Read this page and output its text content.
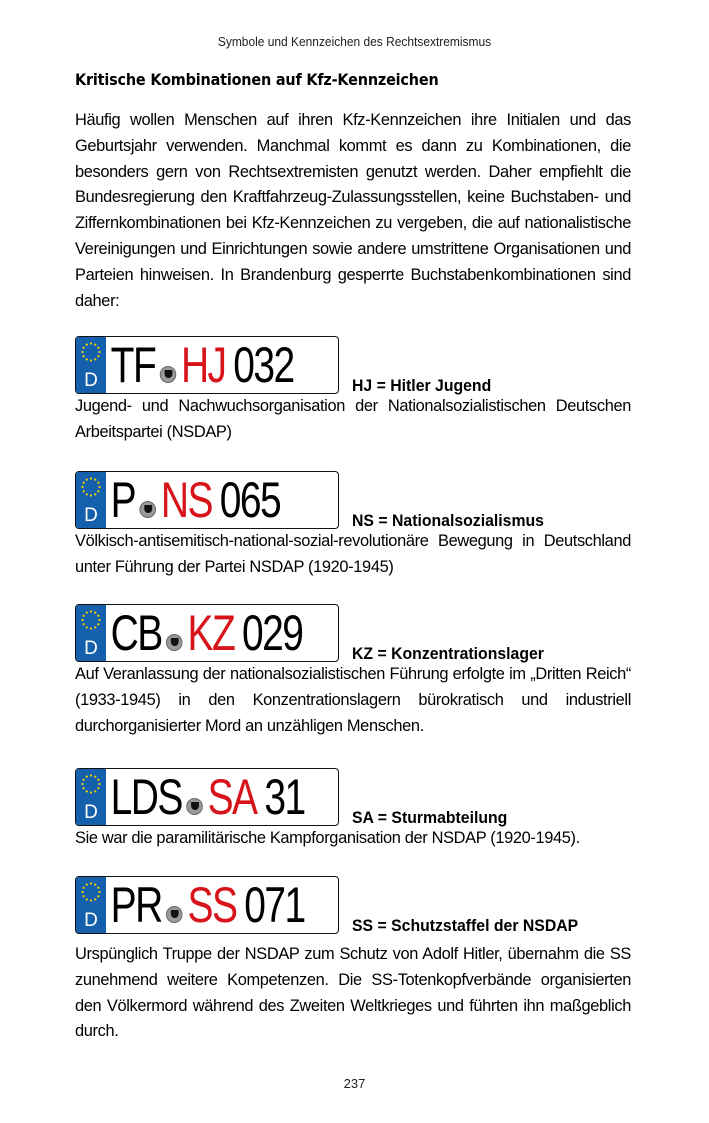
Symbole und Kennzeichen des Rechtsextremismus
Kritische Kombinationen auf Kfz-Kennzeichen

Häufig wollen Menschen auf ihren Kfz-Kennzeichen ihre Initialen und das Geburtsjahr verwenden. Manchmal kommt es dann zu Kombinationen, die besonders gern von Rechtsextremisten genutzt werden. Daher empfiehlt die Bundesregierung den Kraftfahrzeug-Zulassungsstellen, keine Buchstaben- und Ziffernkombinationen bei Kfz-Kennzeichen zu vergeben, die auf nationalistische Vereinigungen und Einrichtungen sowie andere umstrittene Organisationen und Parteien hinweisen. In Brandenburg gesperrte Buchstabenkombinationen sind daher:

D TF HJ 032	HJ = Hitler Jugend

Jugend- und Nachwuchsorganisation der Nationalsozialistischen Deutschen Arbeitspartei (NSDAP)

D P NS 065	NS = Nationalsozialismus

Völkisch-antisemitisch-national-sozial-revolutionäre Bewegung in Deutschland unter Führung der Partei NSDAP (1920-1945)

D CB KZ 029	KZ = Konzentrationslager

Auf Veranlassung der nationalsozialistischen Führung erfolgte im „Dritten Reich“ (1933-1945) in den Konzentrationslagern bürokratisch und industriell durchorganisierter Mord an unzähligen Menschen.

D LDS SA 31	SA = Sturmabteilung

Sie war die paramilitärische Kampforganisation der NSDAP (1920-1945).

D PR SS 071	SS = Schutzstaffel der NSDAP

Urspünglich Truppe der NSDAP zum Schutz von Adolf Hitler, übernahm die SS zunehmend weitere Kompetenzen. Die SS-Totenkopfverbände organisierten den Völkermord während des Zweiten Weltkrieges und führten ihn maßgeblich durch.

237
